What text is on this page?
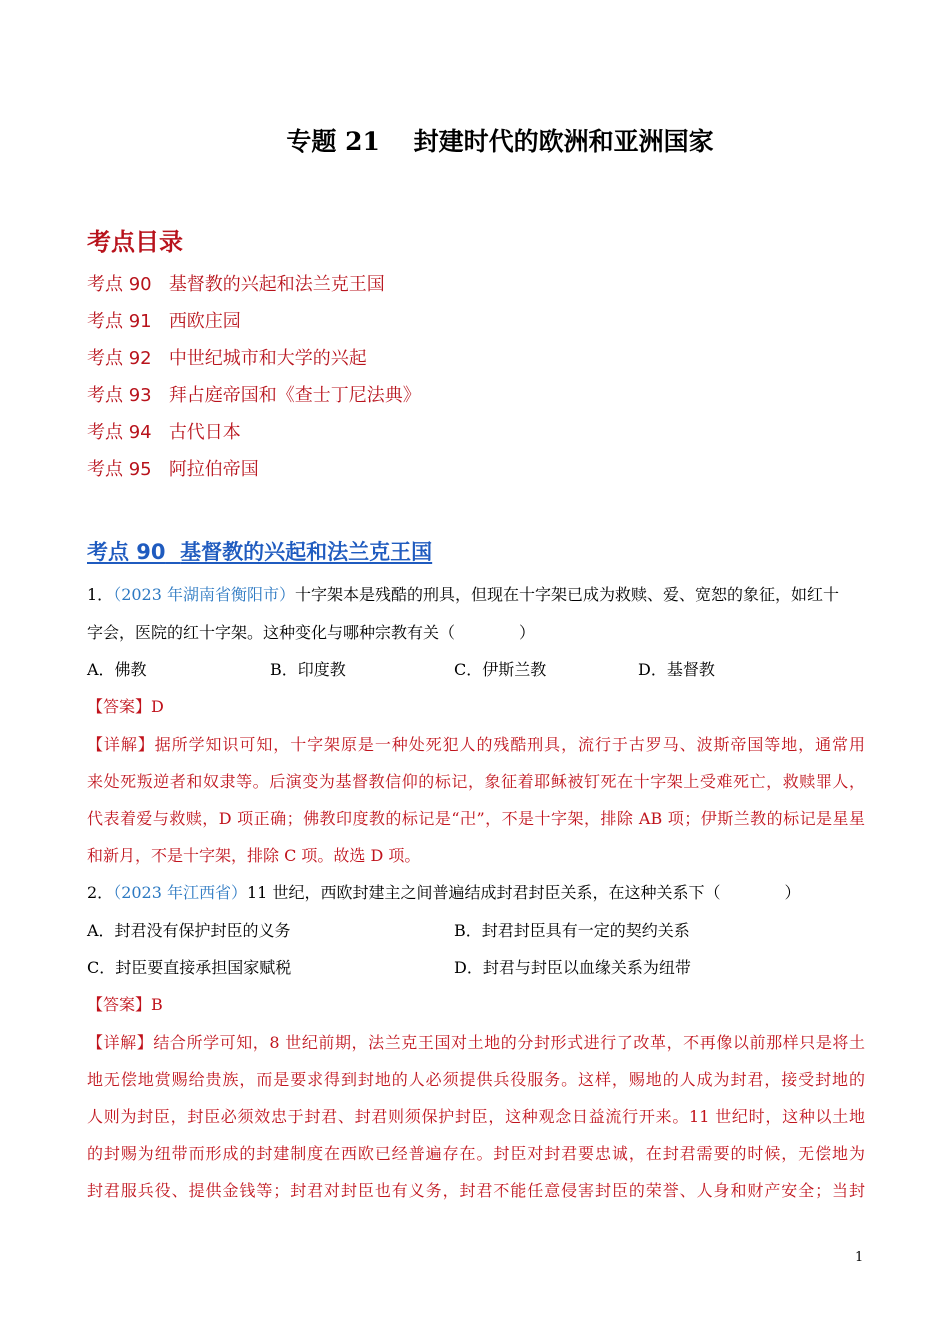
专题 21　 封建时代的欧洲和亚洲国家
考点目录
考点 90 基督教的兴起和法兰克王国
考点 91 西欧庄园
考点 92 中世纪城市和大学的兴起
考点 93 拜占庭帝国和《查士丁尼法典》
考点 94 古代日本
考点 95 阿拉伯帝国
考点 90 基督教的兴起和法兰克王国
1．（2023 年湖南省衡阳市）十字架本是残酷的刑具，但现在十字架已成为救赎、爱、宽恕的象征，如红十
字会，医院的红十字架。这种变化与哪种宗教有关（　　　　）
A．佛教	B．印度教	C．伊斯兰教	D．基督教
【答案】D
【详解】据所学知识可知，十字架原是一种处死犯人的残酷刑具，流行于古罗马、波斯帝国等地，通常用
来处死叛逆者和奴隶等。后演变为基督教信仰的标记，象征着耶稣被钉死在十字架上受难死亡，救赎罪人，
代表着爱与救赎，D 项正确；佛教印度教的标记是“卍”，不是十字架，排除 AB 项；伊斯兰教的标记是星星
和新月，不是十字架，排除 C 项。故选 D 项。
2．（2023 年江西省）11 世纪，西欧封建主之间普遍结成封君封臣关系，在这种关系下（　　　　）
A．封君没有保护封臣的义务	B．封君封臣具有一定的契约关系
C．封臣要直接承担国家赋税	D．封君与封臣以血缘关系为纽带
【答案】B
【详解】结合所学可知，8 世纪前期，法兰克王国对土地的分封形式进行了改革，不再像以前那样只是将土
地无偿地赏赐给贵族，而是要求得到封地的人必须提供兵役服务。这样，赐地的人成为封君，接受封地的
人则为封臣，封臣必须效忠于封君、封君则须保护封臣，这种观念日益流行开来。11 世纪时，这种以土地
的封赐为纽带而形成的封建制度在西欧已经普遍存在。封臣对封君要忠诚，在封君需要的时候，无偿地为
封君服兵役、提供金钱等；封君对封臣也有义务，封君不能任意侵害封臣的荣誉、人身和财产安全；当封
1
